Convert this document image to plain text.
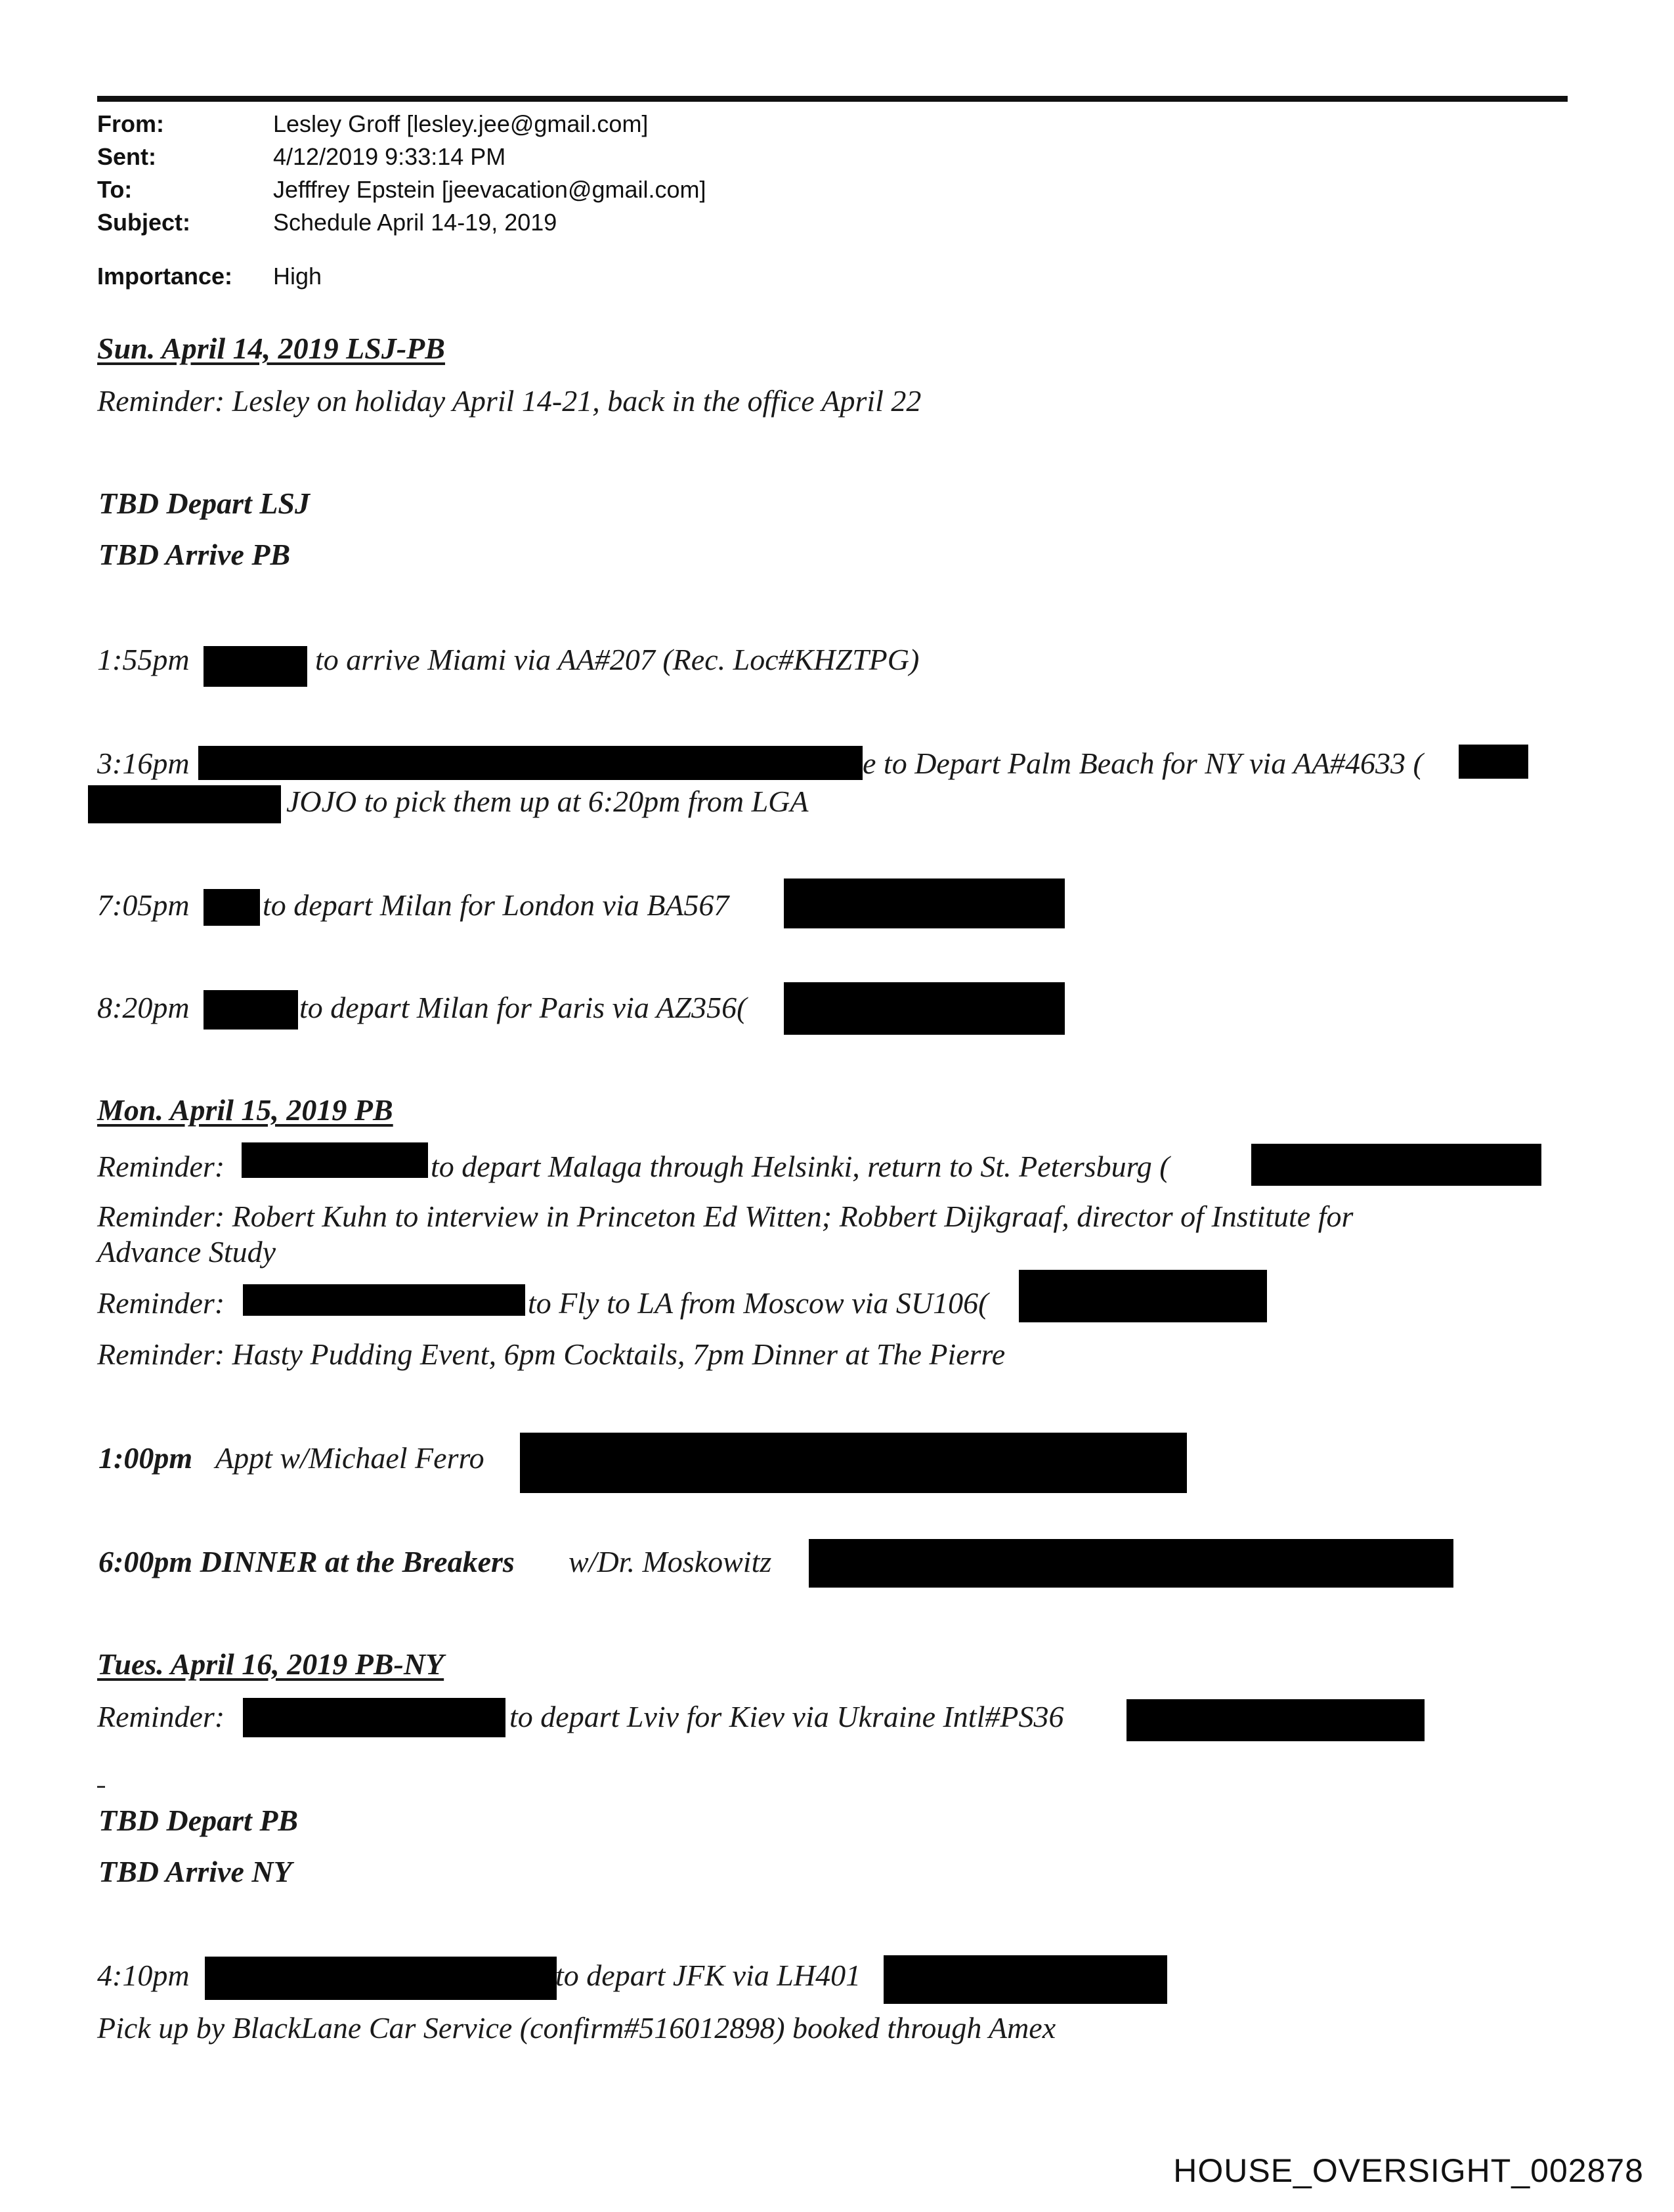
From:	Lesley Groff [lesley.jee@gmail.com]
Sent:	4/12/2019 9:33:14 PM
To:	Jefffrey Epstein [jeevacation@gmail.com]
Subject:	Schedule April 14-19, 2019
Importance: High
Sun. April 14, 2019 LSJ-PB
Reminder: Lesley on holiday April 14-21, back in the office April 22
TBD Depart LSJ
TBD Arrive PB
1:55pm	to arrive Miami via AA#207 (Rec. Loc#KHZTPG)
3:16pm	e to Depart Palm Beach for NY via AA#4633 (
JOJO to pick them up at 6:20pm from LGA
7:05pm to depart Milan for London via BA567
8:20pm	to depart Milan for Paris via AZ356(
Mon. April 15, 2019 PB
Reminder:	to depart Malaga through Helsinki, return to St. Petersburg (
Reminder: Robert Kuhn to interview in Princeton Ed Witten; Robbert Dijkgraaf, director of Institute for
Advance Study
Reminder:	to Fly to LA from Moscow via SU106(
Reminder: Hasty Pudding Event, 6pm Cocktails, 7pm Dinner at The Pierre
1:00pm Appt w/Michael Ferro
6:00pm DINNER at the Breakers w/Dr. Moskowitz
Tues. April 16, 2019 PB-NY
Reminder:	to depart Lviv for Kiev via Ukraine Intl#PS36
TBD Depart PB
TBD Arrive NY
4:10pm	to depart JFK via LH401
Pick up by BlackLane Car Service (confirm#516012898) booked through Amex
HOUSE_OVERSIGHT_002878
